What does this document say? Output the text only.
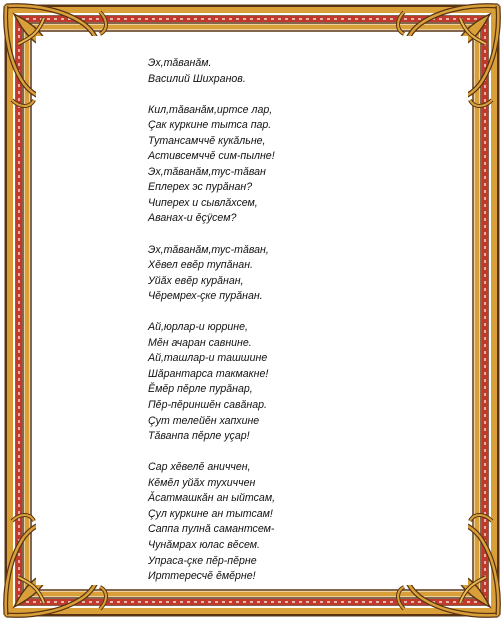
Эх,тăванăм.
Василий Шихранов.
Кил,тăванăм,иртсе лар,
Çак куркине тытса пар.
Тутансамччĕ кукăльне,
Астивсемччĕ сим-пылне!
Эх,тăванăм,тус-тăван
Еплерех эс пурăнан?
Чиперех и сывлăхсем,
Аванах-и ĕçÿсем?
Эх,тăванăм,тус-тăван,
Хĕвел евĕр тупăнан.
Уйăх евĕр курăнан,
Чĕремрех-çке пурăнан.
Ай,юрлар-и юррине,
Мĕн ачаран савнине.
Ай,ташлар-и ташшине
Шăрантарса такмакне!
Ĕмĕр пĕрле пурăнар,
Пĕр-пĕриншĕн савăнар.
Çут телейĕн хапхине
Тăванпа пĕрле уçар!
Сар хĕвелĕ аниччен,
Кĕмĕл уйăх тухиччен
Ăсатмашкăн ан ыйтсам,
Çул куркине ан тытсам!
Саппа пулнă самантсем-
Чунăмрах юлас вĕсем.
Упраса-çке пĕр-пĕрне
Ирттересчĕ ĕмĕрне!
